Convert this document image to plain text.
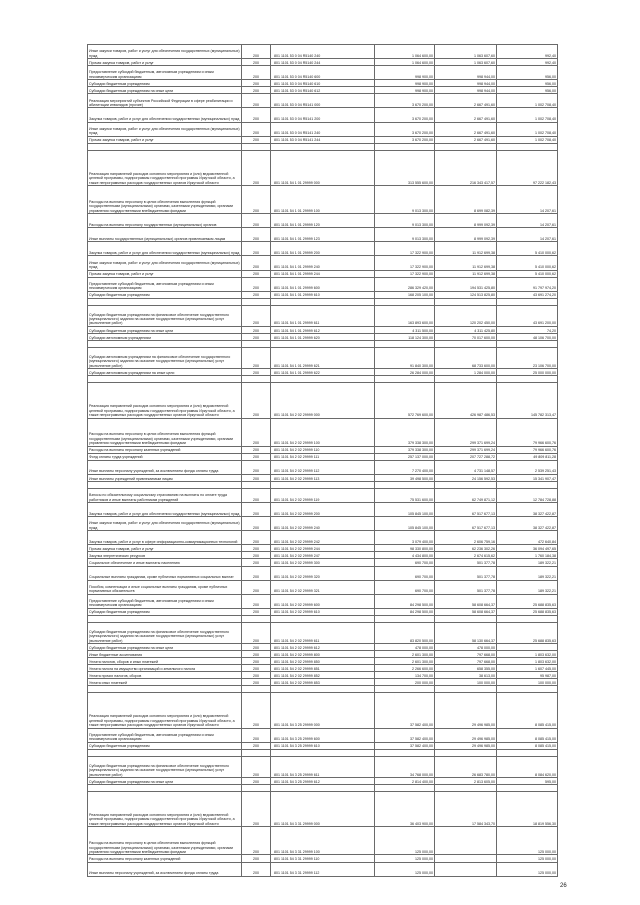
Иные закупки товаров, работ и услуг для обеспечения государственных (муниципальных) нужд	200	801 1101 53 0 04 R5140 240	1 064 600,00	1 063 607,60	992,40
Прочая закупка товаров, работ и услуг	200	801 1101 53 0 04 R5140 244	1 064 600,00	1 063 607,60	992,40
Предоставление субсидий бюджетным, автономным учреждениям и иным некоммерческим организациям	200	801 1101 53 0 04 R5140 600	998 900,00	998 944,00	956,00
Субсидии бюджетным учреждениям	200	801 1101 53 0 04 R5140 610	998 900,00	998 944,00	956,00
Субсидии бюджетным учреждениям на иные цели	200	801 1101 53 0 04 R5140 612	998 900,00	998 944,00	956,00
Реализация мероприятий субъектов Российской Федерации в сфере реабилитации и абилитации инвалидов (прочие)	200	801 1101 53 0 04 R5141 000	3 670 200,00	2 667 491,60	1 002 708,40
Закупка товаров, работ и услуг для обеспечения государственных (муниципальных) нужд	200	801 1101 53 0 04 R5141 200	3 670 200,00	2 667 491,60	1 002 708,40
Иные закупки товаров, работ и услуг для обеспечения государственных (муниципальных) нужд	200	801 1101 53 0 04 R5141 240	3 670 200,00	2 667 491,60	1 002 708,40
Прочая закупка товаров, работ и услуг	200	801 1101 53 0 04 R5141 244	3 670 200,00	2 667 491,60	1 002 708,40

Реализация направлений расходов основного мероприятия и (или) ведомственной целевой программы, подпрограммы государственной программы Иркутской области, а также непрограммных расходов государственных органов Иркутской области	200	801 1101 54 1 01 29999 000	313 555 600,00	216 343 417,57	97 222 182,43
Расходы на выплаты персоналу в целях обеспечения выполнения функций государственными (муниципальными) органами, казенными учреждениями, органами управления государственными внебюджетными фондами	200	801 1101 54 1 01 29999 100	9 013 300,00	8 699 082,39	14 207,61
Расходы на выплаты персоналу государственных (муниципальных) органов	200	801 1101 54 1 01 29999 120	9 013 300,00	8 999 092,39	14 207,61
Иные выплаты государственных (муниципальных) органов привлекаемым лицам	200	801 1101 54 1 01 29999 123	9 013 300,00	8 999 092,39	14 207,61
Закупка товаров, работ и услуг для обеспечения государственных (муниципальных) нужд	200	801 1101 54 1 01 29999 200	17 322 900,00	11 912 699,38	5 410 000,62
Иные закупки товаров, работ и услуг для обеспечения государственных (муниципальных) нужд	200	801 1101 54 1 01 29999 240	17 322 900,00	11 912 699,38	5 410 000,62
Прочая закупка товаров, работ и услуг	200	801 1101 54 1 01 29999 244	17 322 900,00	11 912 699,38	5 410 000,62
Предоставление субсидий бюджетным, автономным учреждениям и иным некоммерческим организациям	200	801 1101 54 1 01 29999 600	286 329 420,00	194 531 425,80	91 797 974,20
Субсидии бюджетным учреждениям	200	801 1101 54 1 01 29999 610	168 205 100,00	124 513 825,80	43 691 274,20

Субсидии бюджетным учреждениям на финансовое обеспечение государственного (муниципального) задания на оказание государственных (муниципальных) услуг (выполнение работ)	200	801 1101 54 1 01 29999 611	163 893 600,00	120 202 450,00	43 691 200,00
Субсидии бюджетным учреждениям на иные цели	200	801 1101 54 1 01 29999 612	4 311 500,00	4 311 425,80	74,20
Субсидии автономным учреждениям	200	801 1101 54 1 01 29999 620	118 124 300,00	70 017 600,00	48 106 700,00

Субсидии автономным учреждениям на финансовое обеспечение государственного (муниципального) задания на оказание государственных (муниципальных) услуг (выполнение работ)	200	801 1101 54 1 01 29999 621	91 840 300,00	68 733 600,00	23 106 700,00
Субсидии автономным учреждениям на иные цели	200	801 1101 54 1 01 29999 622	26 284 000,00	1 284 000,00	25 000 000,00

Реализация направлений расходов основного мероприятия и (или) ведомственной целевой программы, подпрограммы государственной программы Иркутской области, а также непрограммных расходов государственных органов Иркутской области	200	801 1101 54 2 02 29999 000	572 769 600,00	426 987 486,53	145 782 313,47
Расходы на выплаты персоналу в целях обеспечения выполнения функций государственными (муниципальными) органами, казенными учреждениями, органами управления государственными внебюджетными фондами	200	801 1101 54 2 02 29999 100	379 338 300,00	299 371 699,24	79 966 600,76
Расходы на выплаты персоналу казенных учреждений	200	801 1101 54 2 02 29999 110	379 338 300,00	299 371 699,24	79 966 600,76
Фонд оплаты труда учреждений	200	801 1101 54 2 02 29999 111	257 137 000,00	207 727 288,72	49 809 811,28
Иные выплаты персоналу учреждений, за исключением фонда оплаты труда	200	801 1101 54 2 02 29999 112	7 270 400,00	4 731 148,57	2 539 251,43
Иные выплаты учреждений привлекаемым лицам	200	801 1101 54 2 02 29999 113	39 498 500,00	24 156 592,53	15 341 907,47

Взносы по обязательному социальному страхованию на выплаты по оплате труда работников и иные выплаты работникам учреждений	200	801 1101 54 2 02 29999 119	75 531 600,00	62 749 871,12	12 784 728,88
Закупка товаров, работ и услуг для обеспечения государственных (муниципальных) нужд	200	801 1101 54 2 02 29999 200	105 845 100,00	67 517 677,13	38 327 422,87
Иные закупки товаров, работ и услуг для обеспечения государственных (муниципальных) нужд	200	801 1101 54 2 02 29999 240	105 845 100,00	67 517 677,13	38 327 422,87
Закупка товаров, работ и услуг в сфере информационно-коммуникационных технологий	200	801 1101 54 2 02 29999 242	3 079 400,00	2 606 759,16	472 640,84
Прочая закупка товаров, работ и услуг	200	801 1101 54 2 02 29999 244	98 330 800,00	62 236 302,26	36 094 497,65
Закупка энергетических ресурсов	200	801 1101 54 2 02 29999 247	4 434 800,00	2 674 615,62	1 760 184,38
Социальное обеспечение и иные выплаты населению	200	801 1101 54 2 02 29999 300	690 700,00	501 377,78	189 322,21
Социальные выплаты гражданам, кроме публичных нормативных социальных выплат	200	801 1101 54 2 02 29999 320	690 700,00	501 377,78	189 322,21
Пособия, компенсации и иные социальные выплаты гражданам, кроме публичных нормативных обязательств	200	801 1101 54 2 02 29999 321	690 700,00	501 377,78	189 322,21
Предоставление субсидий бюджетным, автономным учреждениям и иным некоммерческим организациям	200	801 1101 54 2 02 29999 600	84 298 500,00	58 608 664,37	25 688 835,63
Субсидии бюджетным учреждениям	200	801 1101 54 2 02 29999 610	84 298 500,00	58 608 664,37	25 688 835,63

Субсидии бюджетным учреждениям на финансовое обеспечение государственного (муниципального) задания на оказание государственных (муниципальных) услуг (выполнение работ)	200	801 1101 54 2 02 29999 611	83 820 500,00	58 130 664,37	25 688 835,63
Субсидии бюджетным учреждениям на иные цели	200	801 1101 54 2 02 29999 612	478 000,00	478 000,00	
Иные бюджетные ассигнования	200	801 1101 54 2 02 29999 800	2 601 300,00	797 668,00	1 803 632,00
Уплата налогов, сборов и иных платежей	200	801 1101 54 2 02 29999 850	2 601 300,00	797 668,00	1 803 632,00
Уплата налога на имущество организаций и земельного налога	200	801 1101 54 2 02 29999 851	2 266 600,00	658 355,00	1 607 445,00
Уплата прочих налогов, сборов	200	801 1101 54 2 02 29999 852	134 700,00	38 613,00	95 987,00
Уплата иных платежей	200	801 1101 54 2 02 29999 853	200 000,00	100 000,00	100 000,00

Реализация направлений расходов основного мероприятия и (или) ведомственной целевой программы, подпрограммы государственной программы Иркутской области, а также непрограммных расходов государственных органов Иркутской области	200	801 1101 54 3 25 29999 000	37 582 400,00	29 496 985,00	8 085 415,00
Предоставление субсидий бюджетным, автономным учреждениям и иным некоммерческим организациям	200	801 1101 54 3 25 29999 600	37 582 400,00	29 496 985,00	8 085 415,00
Субсидии бюджетным учреждениям	200	801 1101 54 3 25 29999 610	37 582 400,00	29 496 985,00	8 085 415,00

Субсидии бюджетным учреждениям на финансовое обеспечение государственного (муниципального) задания на оказание государственных (муниципальных) услуг (выполнение работ)	200	801 1101 54 3 25 29999 611	34 768 000,00	26 683 780,00	8 084 620,00
Субсидии бюджетным учреждениям на иные цели	200	801 1101 54 3 25 29999 612	2 814 400,00	2 813 605,00	595,00

Реализация направлений расходов основного мероприятия и (или) ведомственной целевой программы, подпрограммы государственной программы Иркутской области, а также непрограммных расходов государственных органов Иркутской области	200	801 1101 54 3 31 29999 000	36 403 900,00	17 584 343,70	18 819 556,30
Расходы на выплаты персоналу в целях обеспечения выполнения функций государственными (муниципальными) органами, казенными учреждениями, органами управления государственными внебюджетными фондами	200	801 1101 54 3 31 29999 100	125 000,00		125 000,00
Расходы на выплаты персоналу казенных учреждений	200	801 1101 54 3 31 29999 110	125 000,00		125 000,00
Иные выплаты персоналу учреждений, за исключением фонда оплаты труда	200	801 1101 54 3 31 29999 112	125 000,00		125 000,00
26
